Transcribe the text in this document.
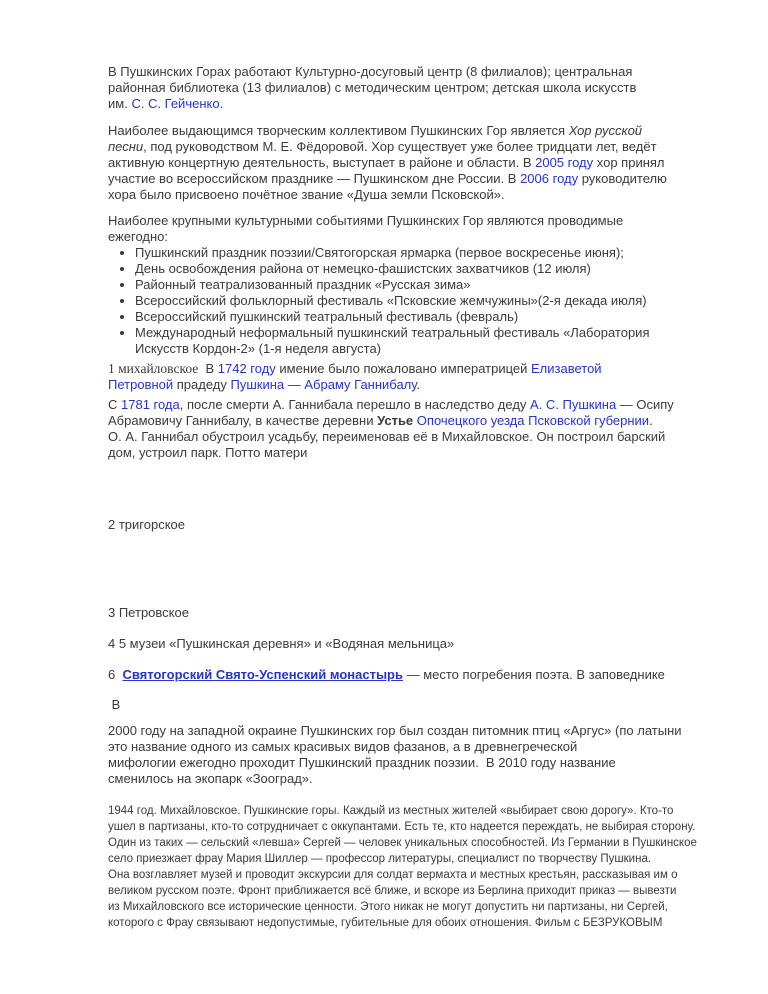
В Пушкинских Горах работают Культурно-досуговый центр (8 филиалов); центральная
районная библиотека (13 филиалов) с методическим центром; детская школа искусств
им. С. С. Гейченко.

Наиболее выдающимся творческим коллективом Пушкинских Гор является Хор русской
песни, под руководством М. Е. Фёдоровой. Хор существует уже более тридцати лет, ведёт
активную концертную деятельность, выступает в районе и области. В 2005 году хор принял
участие во всероссийском празднике — Пушкинском дне России. В 2006 году руководителю
хора было присвоено почётное звание «Душа земли Псковской».

Наиболее крупными культурными событиями Пушкинских Гор являются проводимые
ежегодно:

• Пушкинский праздник поэзии/Святогорская ярмарка (первое воскресенье июня);
• День освобождения района от немецко-фашистских захватчиков (12 июля)
• Районный театрализованный праздник «Русская зима»
• Всероссийский фольклорный фестиваль «Псковские жемчужины»(2-я декада июля)
• Всероссийский пушкинский театральный фестиваль (февраль)
• Международный неформальный пушкинский театральный фестиваль «Лаборатория
Искусств Кордон-2» (1-я неделя августа)

1 михайловское  В 1742 году имение было пожаловано императрицей Елизаветой
Петровной прадеду Пушкина — Абраму Ганнибалу.

С 1781 года, после смерти А. Ганнибала перешло в наследство деду А. С. Пушкина — Осипу
Абрамовичу Ганнибалу, в качестве деревни Устье Опочецкого уезда Псковской губернии.
О. А. Ганнибал обустроил усадьбу, переименовав её в Михайловское. Он построил барский
дом, устроил парк. Потто матери

2 тригорское

3 Петровское

4 5 музеи «Пушкинская деревня» и «Водяная мельница»

6  Святогорский Свято-Успенский монастырь — место погребения поэта. В заповеднике

В

2000 году на западной окраине Пушкинских гор был создан питомник птиц «Аргус» (по латыни
это название одного из самых красивых видов фазанов, а в древнегреческой
мифологии ежегодно проходит Пушкинский праздник поэзии.  В 2010 году название
сменилось на экопарк «Зооград».

1944 год. Михайловское. Пушкинские горы. Каждый из местных жителей «выбирает свою дорогу». Кто-то
ушел в партизаны, кто-то сотрудничает с оккупантами. Есть те, кто надеется переждать, не выбирая сторону.
Один из таких — сельский «левша» Сергей — человек уникальных способностей. Из Германии в Пушкинское
село приезжает фрау Мария Шиллер — профессор литературы, специалист по творчеству Пушкина.
Она возглавляет музей и проводит экскурсии для солдат вермахта и местных крестьян, рассказывая им о
великом русском поэте. Фронт приближается всё ближе, и вскоре из Берлина приходит приказ — вывезти
из Михайловского все исторические ценности. Этого никак не могут допустить ни партизаны, ни Сергей,
которого с Фрау связывают недопустимые, губительные для обоих отношения. Фильм с БЕЗРУКОВЫМ
